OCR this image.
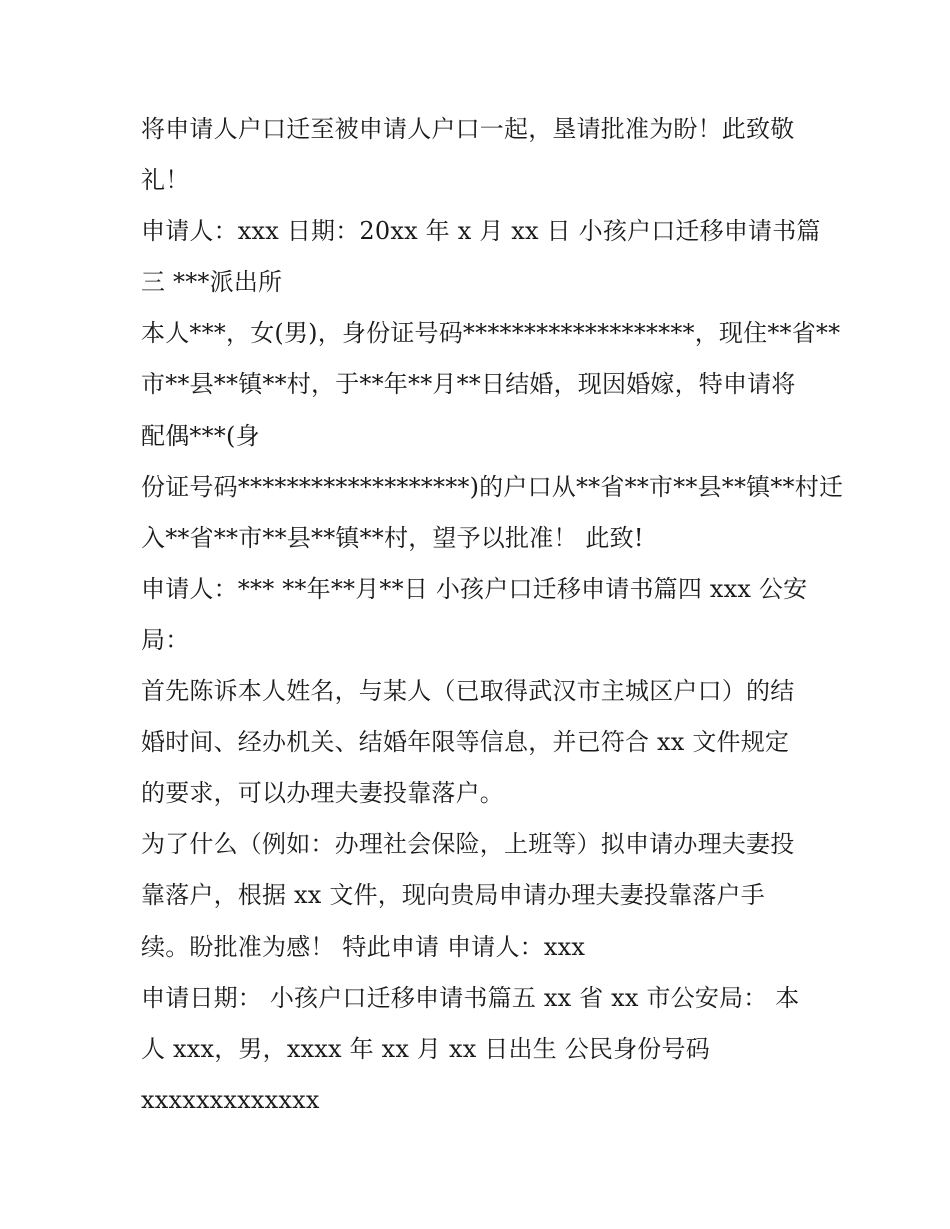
将申请人户口迁至被申请人户口一起，垦请批准为盼！此致敬
礼！
申请人：xxx 日期：20xx 年 x 月 xx 日 小孩户口迁移申请书篇
三 ***派出所
本人***，女(男)，身份证号码*******************，现住**省**
市**县**镇**村，于**年**月**日结婚，现因婚嫁，特申请将
配偶***(身
份证号码*******************)的户口从**省**市**县**镇**村迁
入**省**市**县**镇**村，望予以批准！ 此致!
申请人：*** **年**月**日 小孩户口迁移申请书篇四 xxx 公安
局：
首先陈诉本人姓名，与某人（已取得武汉市主城区户口）的结
婚时间、经办机关、结婚年限等信息，并已符合 xx 文件规定
的要求，可以办理夫妻投靠落户。
为了什么（例如：办理社会保险，上班等）拟申请办理夫妻投
靠落户，根据 xx 文件，现向贵局申请办理夫妻投靠落户手
续。盼批准为感！ 特此申请 申请人：xxx
申请日期： 小孩户口迁移申请书篇五 xx 省 xx 市公安局： 本
人 xxx，男，xxxx 年 xx 月 xx 日出生 公民身份号码
xxxxxxxxxxxxx
